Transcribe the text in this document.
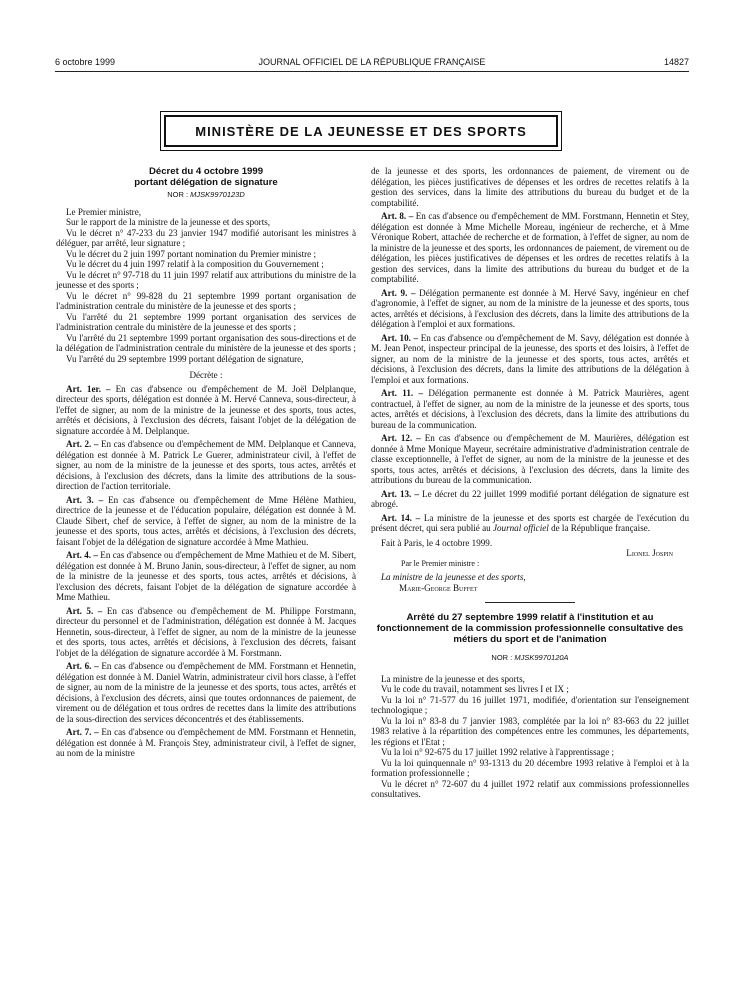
6 octobre 1999	JOURNAL OFFICIEL DE LA RÉPUBLIQUE FRANÇAISE	14827
MINISTÈRE DE LA JEUNESSE ET DES SPORTS
Décret du 4 octobre 1999
portant délégation de signature
NOR : MJSK9970123D

Le Premier ministre,

Sur le rapport de la ministre de la jeunesse et des sports,

Vu le décret n° 47-233 du 23 janvier 1947 modifié autorisant les ministres à déléguer, par arrêté, leur signature ;

Vu le décret du 2 juin 1997 portant nomination du Premier ministre ;

Vu le décret du 4 juin 1997 relatif à la composition du Gouvernement ;

Vu le décret n° 97-718 du 11 juin 1997 relatif aux attributions du ministre de la jeunesse et des sports ;

Vu le décret n° 99-828 du 21 septembre 1999 portant organisation de l'administration centrale du ministère de la jeunesse et des sports ;

Vu l'arrêté du 21 septembre 1999 portant organisation des services de l'administration centrale du ministère de la jeunesse et des sports ;

Vu l'arrêté du 21 septembre 1999 portant organisation des sous-directions et de la délégation de l'administration centrale du ministère de la jeunesse et des sports ;

Vu l'arrêté du 29 septembre 1999 portant délégation de signature,

Décrète :

Art. 1er. – En cas d'absence ou d'empêchement de M. Joël Delplanque, directeur des sports, délégation est donnée à M. Hervé Canneva, sous-directeur, à l'effet de signer, au nom de la ministre de la jeunesse et des sports, tous actes, arrêtés et décisions, à l'exclusion des décrets, faisant l'objet de la délégation de signature accordée à M. Delplanque.

Art. 2. – En cas d'absence ou d'empêchement de MM. Delplanque et Canneva, délégation est donnée à M. Patrick Le Guerer, administrateur civil, à l'effet de signer, au nom de la ministre de la jeunesse et des sports, tous actes, arrêtés et décisions, à l'exclusion des décrets, dans la limite des attributions de la sous-direction de l'action territoriale.

Art. 3. – En cas d'absence ou d'empêchement de Mme Hélène Mathieu, directrice de la jeunesse et de l'éducation populaire, délégation est donnée à M. Claude Sibert, chef de service, à l'effet de signer, au nom de la ministre de la jeunesse et des sports, tous actes, arrêtés et décisions, à l'exclusion des décrets, faisant l'objet de la délégation de signature accordée à Mme Mathieu.

Art. 4. – En cas d'absence ou d'empêchement de Mme Mathieu et de M. Sibert, délégation est donnée à M. Bruno Janin, sous-directeur, à l'effet de signer, au nom de la ministre de la jeunesse et des sports, tous actes, arrêtés et décisions, à l'exclusion des décrets, faisant l'objet de la délégation de signature accordée à Mme Mathieu.

Art. 5. – En cas d'absence ou d'empêchement de M. Philippe Forstmann, directeur du personnel et de l'administration, délégation est donnée à M. Jacques Hennetin, sous-directeur, à l'effet de signer, au nom de la ministre de la jeunesse et des sports, tous actes, arrêtés et décisions, à l'exclusion des décrets, faisant l'objet de la délégation de signature accordée à M. Forstmann.

Art. 6. – En cas d'absence ou d'empêchement de MM. Forstmann et Hennetin, délégation est donnée à M. Daniel Watrin, administrateur civil hors classe, à l'effet de signer, au nom de la ministre de la jeunesse et des sports, tous actes, arrêtés et décisions, à l'exclusion des décrets, ainsi que toutes ordonnances de paiement, de virement ou de délégation et tous ordres de recettes dans la limite des attributions de la sous-direction des services déconcentrés et des établissements.

Art. 7. – En cas d'absence ou d'empêchement de MM. Forstmann et Hennetin, délégation est donnée à M. François Stey, administrateur civil, à l'effet de signer, au nom de la ministre

de la jeunesse et des sports, les ordonnances de paiement, de virement ou de délégation, les pièces justificatives de dépenses et les ordres de recettes relatifs à la gestion des services, dans la limite des attributions du bureau du budget et de la comptabilité.

Art. 8. – En cas d'absence ou d'empêchement de MM. Forstmann, Hennetin et Stey, délégation est donnée à Mme Michelle Moreau, ingénieur de recherche, et à Mme Véronique Robert, attachée de recherche et de formation, à l'effet de signer, au nom de la ministre de la jeunesse et des sports, les ordonnances de paiement, de virement ou de délégation, les pièces justificatives de dépenses et les ordres de recettes relatifs à la gestion des services, dans la limite des attributions du bureau du budget et de la comptabilité.

Art. 9. – Délégation permanente est donnée à M. Hervé Savy, ingénieur en chef d'agronomie, à l'effet de signer, au nom de la ministre de la jeunesse et des sports, tous actes, arrêtés et décisions, à l'exclusion des décrets, dans la limite des attributions de la délégation à l'emploi et aux formations.

Art. 10. – En cas d'absence ou d'empêchement de M. Savy, délégation est donnée à M. Jean Penot, inspecteur principal de la jeunesse, des sports et des loisirs, à l'effet de signer, au nom de la ministre de la jeunesse et des sports, tous actes, arrêtés et décisions, à l'exclusion des décrets, dans la limite des attributions de la délégation à l'emploi et aux formations.

Art. 11. – Délégation permanente est donnée à M. Patrick Maurières, agent contractuel, à l'effet de signer, au nom de la ministre de la jeunesse et des sports, tous actes, arrêtés et décisions, à l'exclusion des décrets, dans la limite des attributions du bureau de la communication.

Art. 12. – En cas d'absence ou d'empêchement de M. Maurières, délégation est donnée à Mme Monique Mayeur, secrétaire administrative d'administration centrale de classe exceptionnelle, à l'effet de signer, au nom de la ministre de la jeunesse et des sports, tous actes, arrêtés et décisions, à l'exclusion des décrets, dans la limite des attributions du bureau de la communication.

Art. 13. – Le décret du 22 juillet 1999 modifié portant délégation de signature est abrogé.

Art. 14. – La ministre de la jeunesse et des sports est chargée de l'exécution du présent décret, qui sera publié au Journal officiel de la République française.

Fait à Paris, le 4 octobre 1999.

Lionel Jospin

Par le Premier ministre :

La ministre de la jeunesse et des sports,

Marie-George Buffet

Arrêté du 27 septembre 1999 relatif à l'institution et au fonctionnement de la commission professionnelle consultative des métiers du sport et de l'animation
NOR : MJSK9970120A

La ministre de la jeunesse et des sports,

Vu le code du travail, notamment ses livres I et IX ;

Vu la loi n° 71-577 du 16 juillet 1971, modifiée, d'orientation sur l'enseignement technologique ;

Vu la loi n° 83-8 du 7 janvier 1983, complétée par la loi n° 83-663 du 22 juillet 1983 relative à la répartition des compétences entre les communes, les départements, les régions et l'Etat ;

Vu la loi n° 92-675 du 17 juillet 1992 relative à l'apprentissage ;

Vu la loi quinquennale n° 93-1313 du 20 décembre 1993 relative à l'emploi et à la formation professionnelle ;

Vu le décret n° 72-607 du 4 juillet 1972 relatif aux commissions professionnelles consultatives.
